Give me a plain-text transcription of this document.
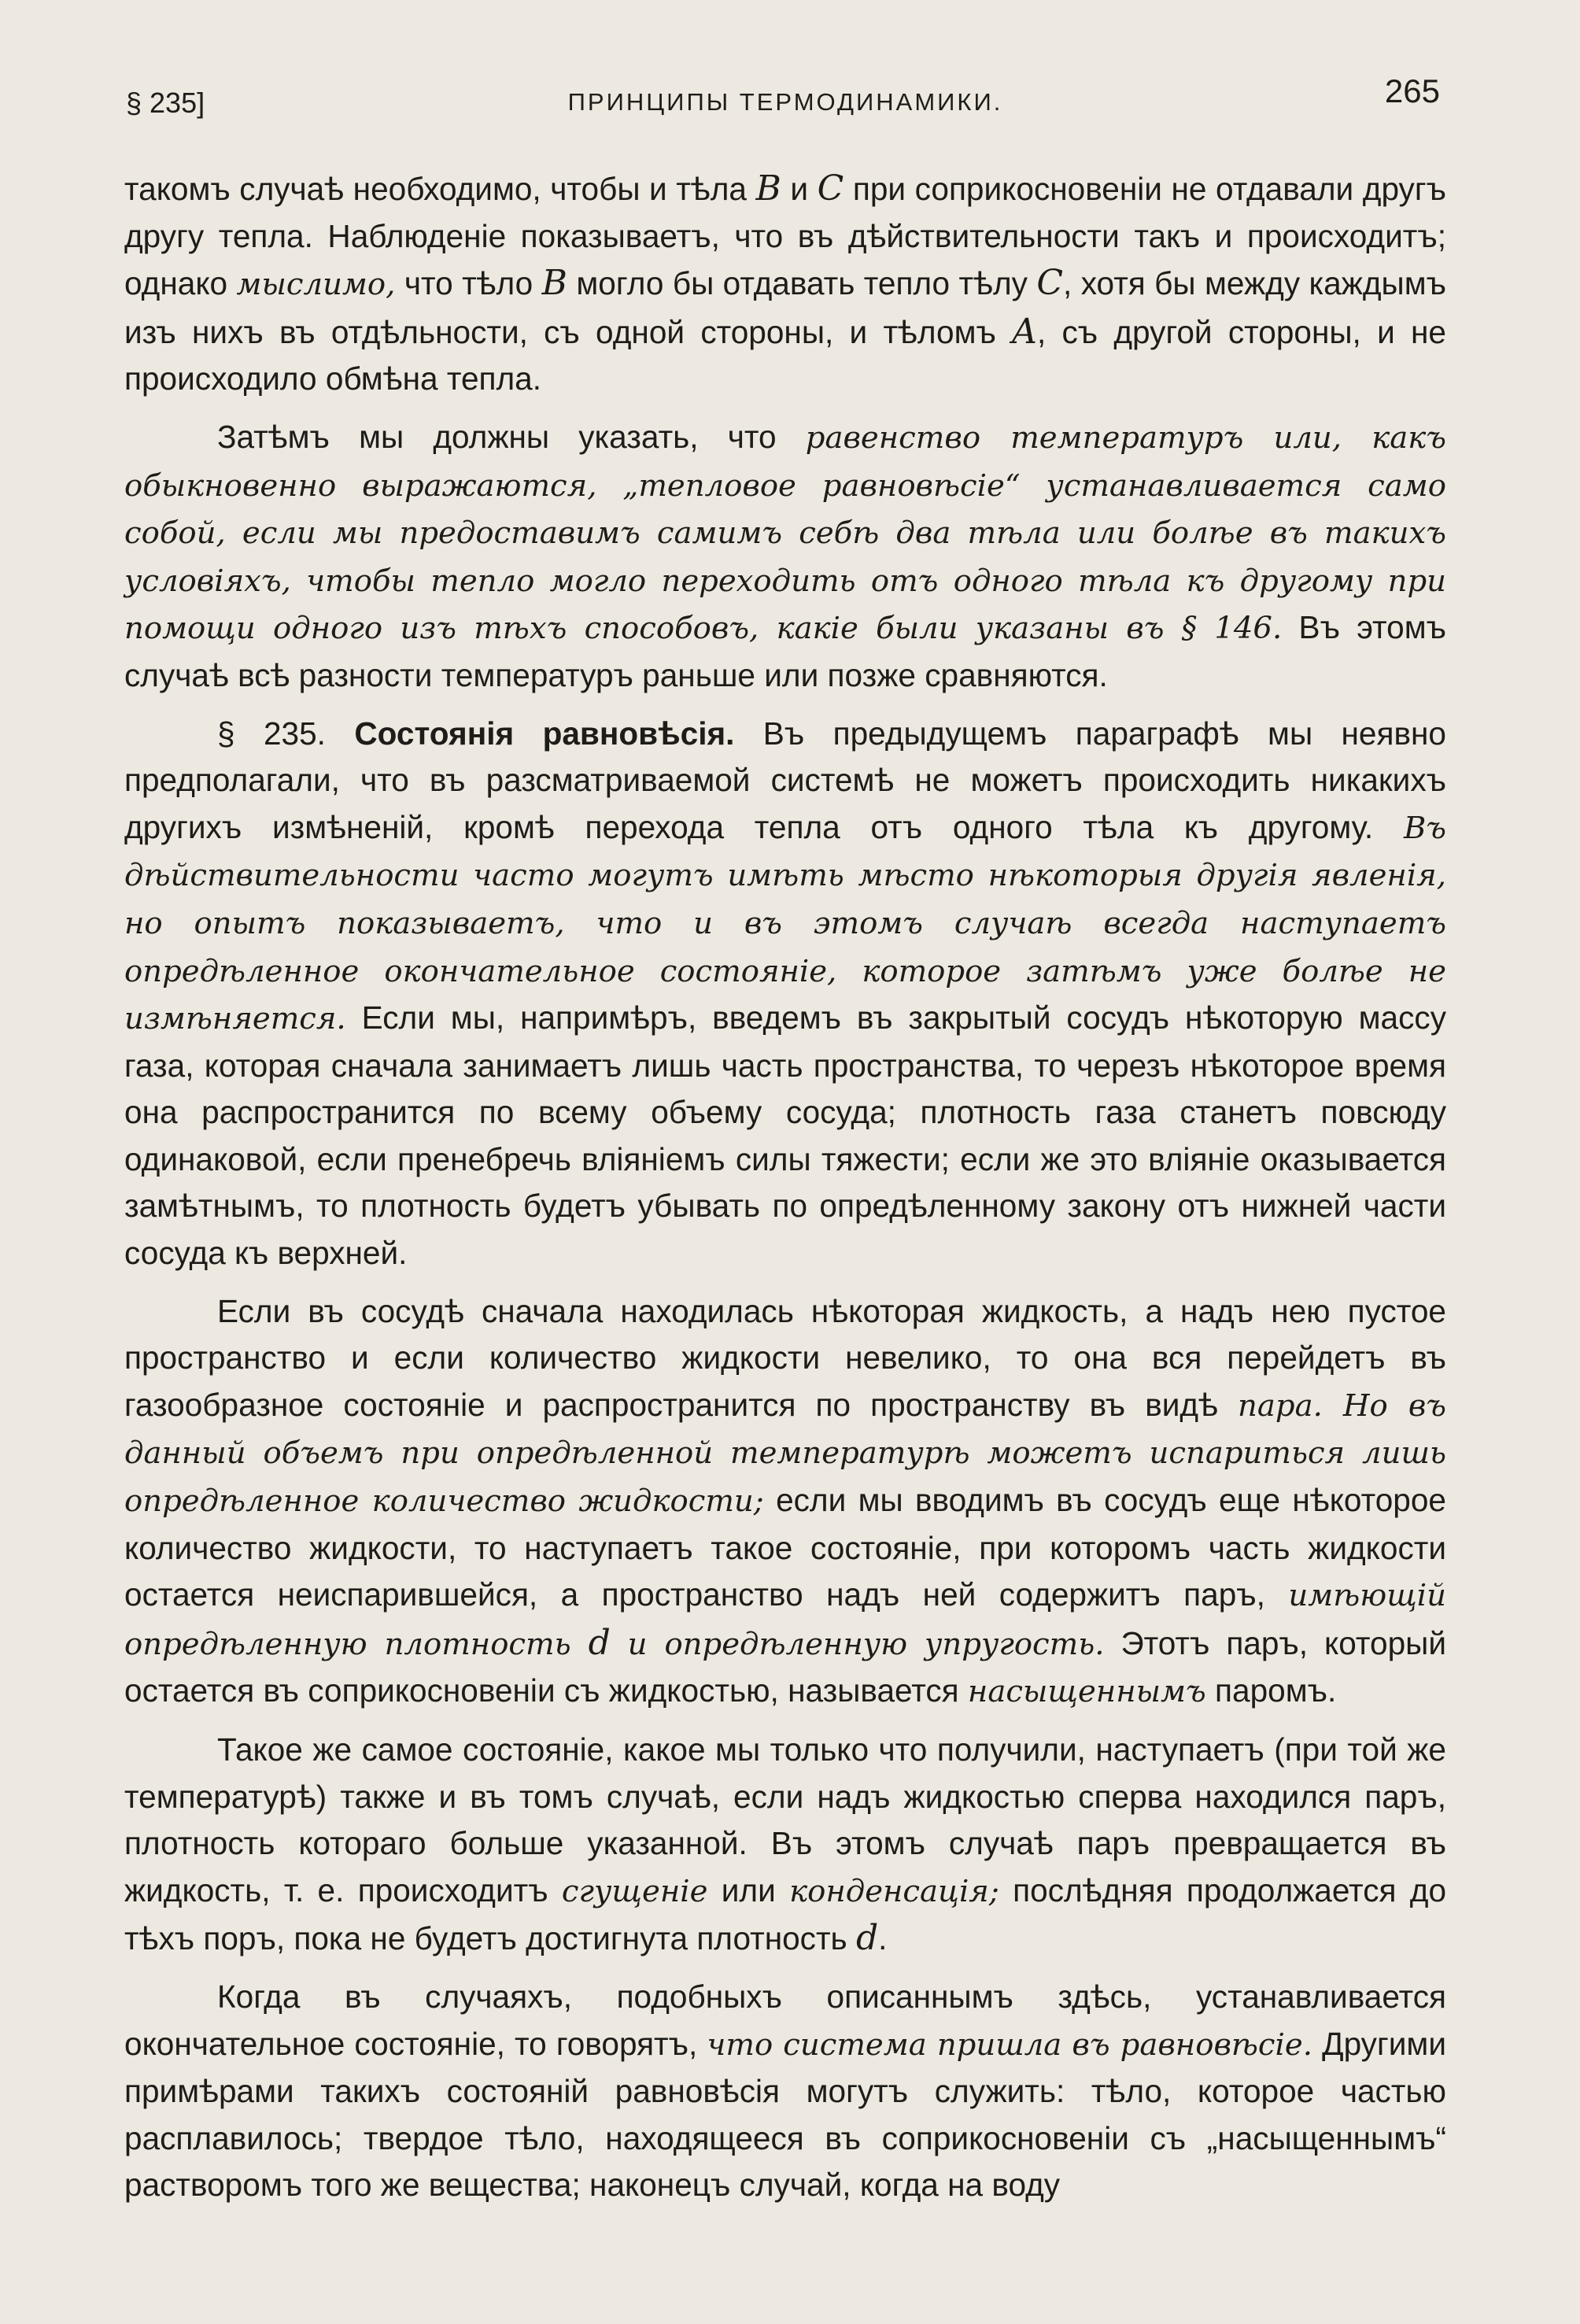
§ 235]	ПРИНЦИПЫ ТЕРМОДИНАМИКИ.	265

такомъ случаѣ необходимо, чтобы и тѣла B и C при соприкосновеніи не отдавали другъ другу тепла. Наблюденіе показываетъ, что въ дѣйствительности такъ и происходитъ; однако мыслимо, что тѣло B могло бы отдавать тепло тѣлу C, хотя бы между каждымъ изъ нихъ въ отдѣльности, съ одной стороны, и тѣломъ A, съ другой стороны, и не происходило обмѣна тепла.

Затѣмъ мы должны указать, что равенство температуръ или, какъ обыкновенно выражаются, „тепловое равновѣсіе“ устанавливается само собой, если мы предоставимъ самимъ себѣ два тѣла или болѣе въ такихъ условіяхъ, чтобы тепло могло переходить отъ одного тѣла къ другому при помощи одного изъ тѣхъ способовъ, какіе были указаны въ § 146. Въ этомъ случаѣ всѣ разности температуръ раньше или позже сравняются.

§ 235. Состоянія равновѣсія. Въ предыдущемъ параграфѣ мы неявно предполагали, что въ разсматриваемой системѣ не можетъ происходить никакихъ другихъ измѣненій, кромѣ перехода тепла отъ одного тѣла къ другому. Въ дѣйствительности часто могутъ имѣть мѣсто нѣкоторыя другія явленія, но опытъ показываетъ, что и въ этомъ случаѣ всегда наступаетъ опредѣленное окончательное состояніе, которое затѣмъ уже болѣе не измѣняется. Если мы, напримѣръ, введемъ въ закрытый сосудъ нѣкоторую массу газа, которая сначала занимаетъ лишь часть пространства, то черезъ нѣкоторое время она распространится по всему объему сосуда; плотность газа станетъ повсюду одинаковой, если пренебречь вліяніемъ силы тяжести; если же это вліяніе оказывается замѣтнымъ, то плотность будетъ убывать по опредѣленному закону отъ нижней части сосуда къ верхней.

Если въ сосудѣ сначала находилась нѣкоторая жидкость, а надъ нею пустое пространство и если количество жидкости невелико, то она вся перейдетъ въ газообразное состояніе и распространится по пространству въ видѣ пара. Но въ данный объемъ при опредѣленной температурѣ можетъ испариться лишь опредѣленное количество жидкости; если мы вводимъ въ сосудъ еще нѣкоторое количество жидкости, то наступаетъ такое состояніе, при которомъ часть жидкости остается неиспарившейся, а пространство надъ ней содержитъ паръ, имѣющій опредѣленную плотность d и опредѣленную упругость. Этотъ паръ, который остается въ соприкосновеніи съ жидкостью, называется насыщеннымъ паромъ.

Такое же самое состояніе, какое мы только что получили, наступаетъ (при той же температурѣ) также и въ томъ случаѣ, если надъ жидкостью сперва находился паръ, плотность котораго больше указанной. Въ этомъ случаѣ паръ превращается въ жидкость, т. е. происходитъ сгущеніе или конденсація; послѣдняя продолжается до тѣхъ поръ, пока не будетъ достигнута плотность d.

Когда въ случаяхъ, подобныхъ описаннымъ здѣсь, устанавливается окончательное состояніе, то говорятъ, что система пришла въ равновѣсіе. Другими примѣрами такихъ состояній равновѣсія могутъ служить: тѣло, которое частью расплавилось; твердое тѣло, находящееся въ соприкосновеніи съ „насыщеннымъ“ растворомъ того же вещества; наконецъ случай, когда на воду
